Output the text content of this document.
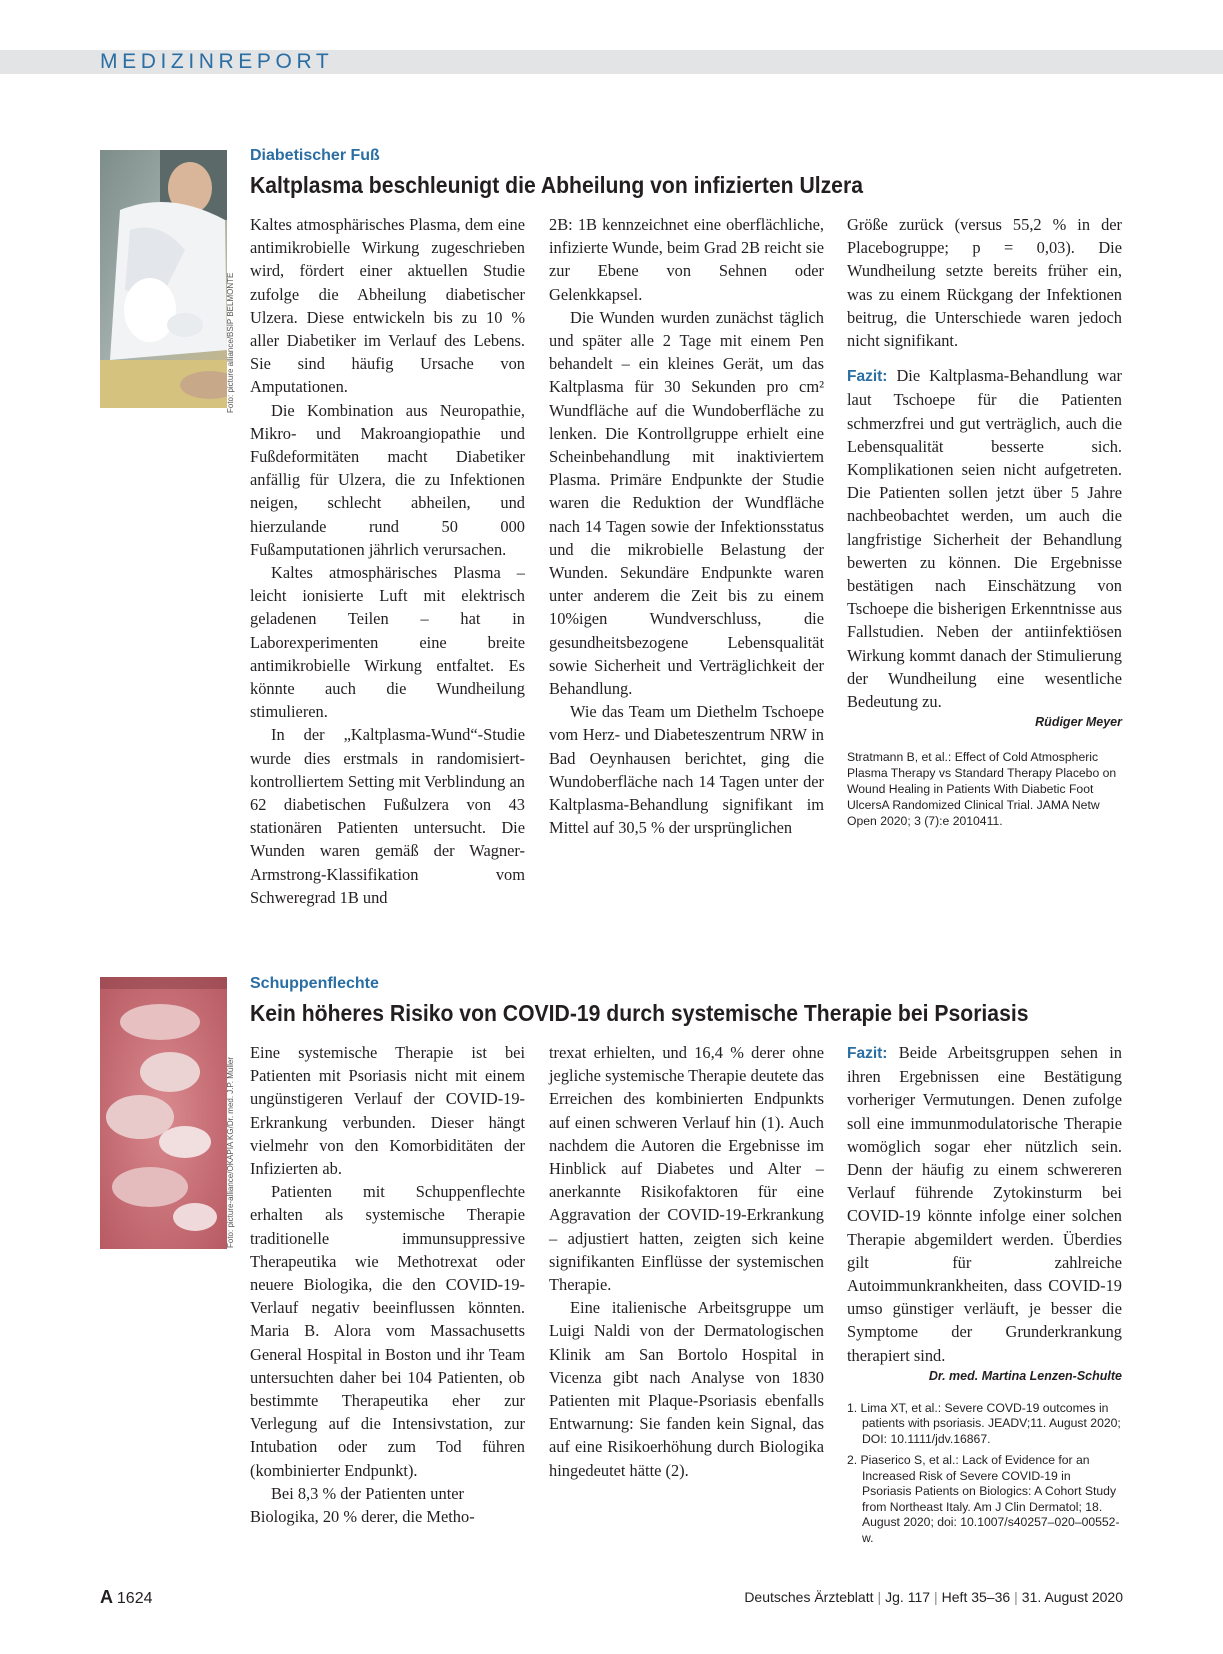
MEDIZINREPORT
Foto: picture alliance/BSIP BELMONTE
Diabetischer Fuß
Kaltplasma beschleunigt die Abheilung von infizierten Ulzera

Kaltes atmosphärisches Plasma, dem eine antimikrobielle Wirkung zugeschrieben wird, fördert einer aktuellen Studie zufolge die Abheilung diabetischer Ulzera. Diese entwickeln bis zu 10 % aller Diabetiker im Verlauf des Lebens. Sie sind häufig Ursache von Amputationen.

Die Kombination aus Neuropathie, Mikro- und Makroangiopathie und Fußdeformitäten macht Diabetiker anfällig für Ulzera, die zu Infektionen neigen, schlecht abheilen, und hierzulande rund 50 000 Fußamputationen jährlich verursachen.

Kaltes atmosphärisches Plasma – leicht ionisierte Luft mit elektrisch geladenen Teilen – hat in Laborexperimenten eine breite antimikrobielle Wirkung entfaltet. Es könnte auch die Wundheilung stimulieren.

In der „Kaltplasma-Wund“-Studie wurde dies erstmals in randomisiert-kontrolliertem Setting mit Verblindung an 62 diabetischen Fußulzera von 43 stationären Patienten untersucht. Die Wunden waren gemäß der Wagner-Armstrong-Klassifikation vom Schweregrad 1B und

2B: 1B kennzeichnet eine oberflächliche, infizierte Wunde, beim Grad 2B reicht sie zur Ebene von Sehnen oder Gelenkkapsel.

Die Wunden wurden zunächst täglich und später alle 2 Tage mit einem Pen behandelt – ein kleines Gerät, um das Kaltplasma für 30 Sekunden pro cm² Wundfläche auf die Wundoberfläche zu lenken. Die Kontrollgruppe erhielt eine Scheinbehandlung mit inaktiviertem Plasma. Primäre Endpunkte der Studie waren die Reduktion der Wundfläche nach 14 Tagen sowie der Infektionsstatus und die mikrobielle Belastung der Wunden. Sekundäre Endpunkte waren unter anderem die Zeit bis zu einem 10%igen Wundverschluss, die gesundheitsbezogene Lebensqualität sowie Sicherheit und Verträglichkeit der Behandlung.

Wie das Team um Diethelm Tschoepe vom Herz- und Diabeteszentrum NRW in Bad Oeynhausen berichtet, ging die Wundoberfläche nach 14 Tagen unter der Kaltplasma-Behandlung signifikant im Mittel auf 30,5 % der ursprünglichen

Größe zurück (versus 55,2 % in der Placebogruppe; p = 0,03). Die Wundheilung setzte bereits früher ein, was zu einem Rückgang der Infektionen beitrug, die Unterschiede waren jedoch nicht signifikant.

Fazit: Die Kaltplasma-Behandlung war laut Tschoepe für die Patienten schmerzfrei und gut verträglich, auch die Lebensqualität besserte sich. Komplikationen seien nicht aufgetreten. Die Patienten sollen jetzt über 5 Jahre nachbeobachtet werden, um auch die langfristige Sicherheit der Behandlung bewerten zu können. Die Ergebnisse bestätigen nach Einschätzung von Tschoepe die bisherigen Erkenntnisse aus Fallstudien. Neben der antiinfektiösen Wirkung kommt danach der Stimulierung der Wundheilung eine wesentliche Bedeutung zu.

Rüdiger Meyer

Stratmann B, et al.: Effect of Cold Atmospheric Plasma Therapy vs Standard Therapy Placebo on Wound Healing in Patients With Diabetic Foot UlcersA Randomized Clinical Trial. JAMA Netw Open 2020; 3 (7):e 2010411.

Foto: picture-alliance/OKAPIA KG/Dr. med. J.P. Müller
Schuppenflechte
Kein höheres Risiko von COVID-19 durch systemische Therapie bei Psoriasis

Eine systemische Therapie ist bei Patienten mit Psoriasis nicht mit einem ungünstigeren Verlauf der COVID-19-Erkrankung verbunden. Dieser hängt vielmehr von den Komorbiditäten der Infizierten ab.

Patienten mit Schuppenflechte erhalten als systemische Therapie traditionelle immunsuppressive Therapeutika wie Methotrexat oder neuere Biologika, die den COVID-19-Verlauf negativ beeinflussen könnten. Maria B. Alora vom Massachusetts General Hospital in Boston und ihr Team untersuchten daher bei 104 Patienten, ob bestimmte Therapeutika eher zur Verlegung auf die Intensivstation, zur Intubation oder zum Tod führen (kombinierter Endpunkt).

Bei 8,3 % der Patienten unter Biologika, 20 % derer, die Metho-

trexat erhielten, und 16,4 % derer ohne jegliche systemische Therapie deutete das Erreichen des kombinierten Endpunkts auf einen schweren Verlauf hin (1). Auch nachdem die Autoren die Ergebnisse im Hinblick auf Diabetes und Alter – anerkannte Risikofaktoren für eine Aggravation der COVID-19-Erkrankung – adjustiert hatten, zeigten sich keine signifikanten Einflüsse der systemischen Therapie.

Eine italienische Arbeitsgruppe um Luigi Naldi von der Dermatologischen Klinik am San Bortolo Hospital in Vicenza gibt nach Analyse von 1830 Patienten mit Plaque-Psoriasis ebenfalls Entwarnung: Sie fanden kein Signal, das auf eine Risikoerhöhung durch Biologika hingedeutet hätte (2).

Fazit: Beide Arbeitsgruppen sehen in ihren Ergebnissen eine Bestätigung vorheriger Vermutungen. Denen zufolge soll eine immunmodulatorische Therapie womöglich sogar eher nützlich sein. Denn der häufig zu einem schwereren Verlauf führende Zytokinsturm bei COVID-19 könnte infolge einer solchen Therapie abgemildert werden. Überdies gilt für zahlreiche Autoimmunkrankheiten, dass COVID-19 umso günstiger verläuft, je besser die Symptome der Grunderkrankung therapiert sind.

Dr. med. Martina Lenzen-Schulte
1. Lima XT, et al.: Severe COVD-19 outcomes in patients with psoriasis. JEADV;11. August 2020; DOI: 10.1111/jdv.16867.
2. Piaserico S, et al.: Lack of Evidence for an Increased Risk of Severe COVID-19 in Psoriasis Patients on Biologics: A Cohort Study from Northeast Italy. Am J Clin Dermatol; 18. August 2020; doi: 10.1007/s40257–020–00552-w.
A 1624	Deutsches Ärzteblatt | Jg. 117 | Heft 35–36 | 31. August 2020
